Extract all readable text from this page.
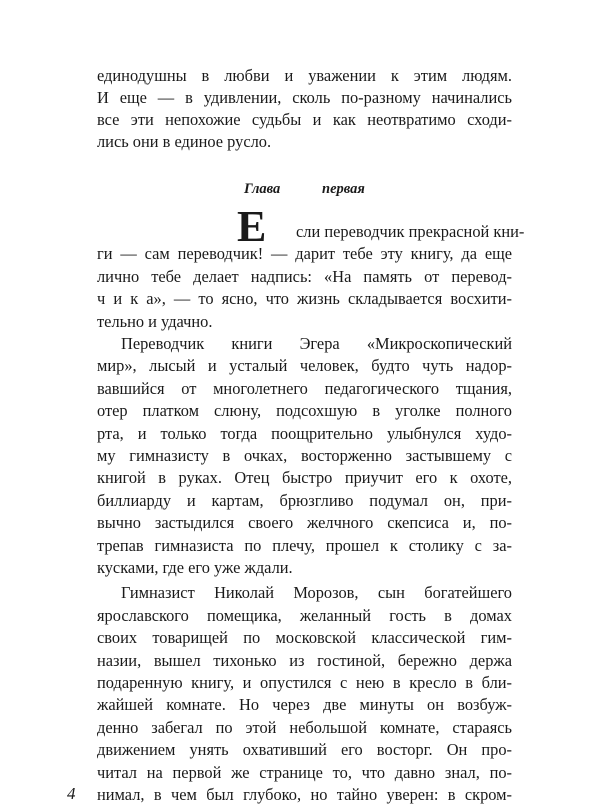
единодушны в любви и уважении к этим людям.
И еще — в удивлении, сколь по-разному начинались
все эти непохожие судьбы и как неотвратимо сходи-
лись они в единое русло.
Глава	первая
Е сли переводчик прекрасной кни-
ги — сам переводчик! — дарит тебе эту книгу, да еще
лично тебе делает надпись: «На память от перевод-
ч и к а», — то ясно, что жизнь складывается восхити-
тельно и удачно.
Переводчик книги Эгера «Микроскопический
мир», лысый и усталый человек, будто чуть надор-
вавшийся от многолетнего педагогического тщания,
отер платком слюну, подсохшую в уголке полного
рта, и только тогда поощрительно улыбнулся худо-
му гимназисту в очках, восторженно застывшему с
книгой в руках. Отец быстро приучит его к охоте,
биллиарду и картам, брюзгливо подумал он, при-
вычно застыдился своего желчного скепсиса и, по-
трепав гимназиста по плечу, прошел к столику с за-
кусками, где его уже ждали.
Гимназист Николай Морозов, сын богатейшего
ярославского помещика, желанный гость в домах
своих товарищей по московской классической гим-
назии, вышел тихонько из гостиной, бережно держа
подаренную книгу, и опустился с нею в кресло в бли-
жайшей комнате. Но через две минуты он возбуж-
денно забегал по этой небольшой комнате, стараясь
движением унять охвативший его восторг. Он про-
читал на первой же странице то, что давно знал, по-
нимал, в чем был глубоко, но тайно уверен: в скром-
4
